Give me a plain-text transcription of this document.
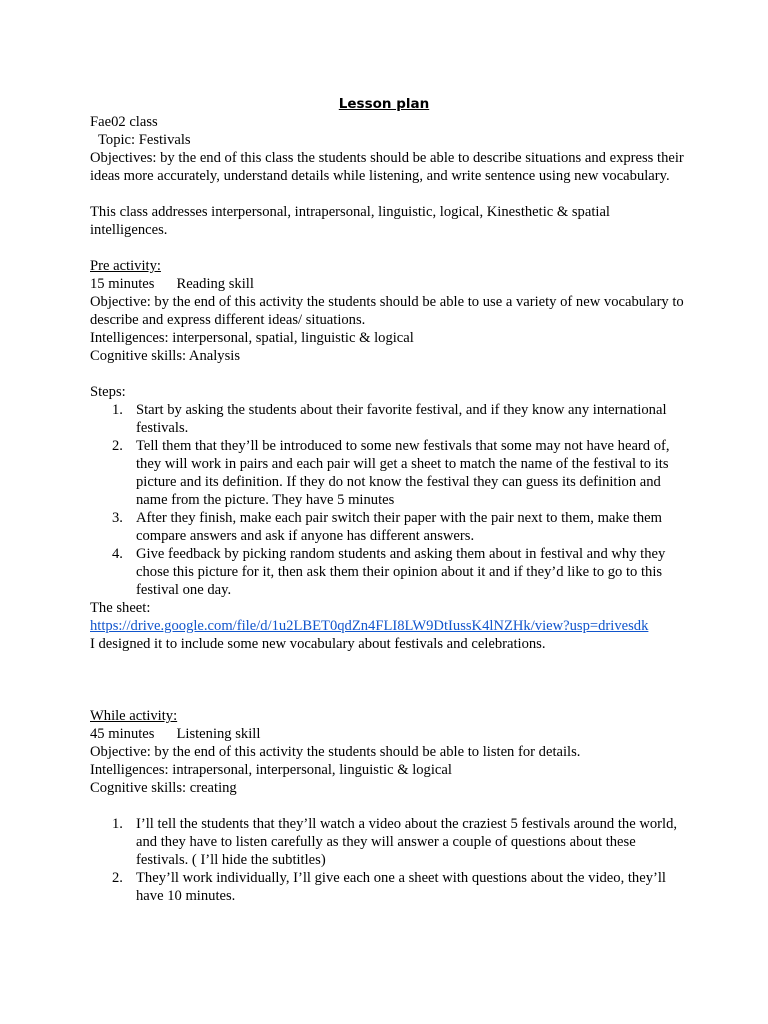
Lesson plan
Fae02 class
Topic: Festivals
Objectives: by the end of this class the students should be able to describe situations and express their ideas more accurately, understand details while listening, and write sentence using new vocabulary.
This class addresses interpersonal, intrapersonal, linguistic, logical, Kinesthetic & spatial intelligences.
Pre activity:
15 minutes Reading skill
Objective: by the end of this activity the students should be able to use a variety of new vocabulary to describe and express different ideas/ situations.
Intelligences: interpersonal, spatial, linguistic & logical
Cognitive skills: Analysis
Steps:
1. Start by asking the students about their favorite festival, and if they know any international festivals.
2. Tell them that they’ll be introduced to some new festivals that some may not have heard of, they will work in pairs and each pair will get a sheet to match the name of the festival to its picture and its definition. If they do not know the festival they can guess its definition and name from the picture. They have 5 minutes
3. After they finish, make each pair switch their paper with the pair next to them, make them compare answers and ask if anyone has different answers.
4. Give feedback by picking random students and asking them about in festival and why they chose this picture for it, then ask them their opinion about it and if they’d like to go to this festival one day.
The sheet:
https://drive.google.com/file/d/1u2LBET0qdZn4FLI8LW9DtIussK4lNZHk/view?usp=drivesdk
I designed it to include some new vocabulary about festivals and celebrations.
While activity:
45 minutes Listening skill
Objective: by the end of this activity the students should be able to listen for details.
Intelligences: intrapersonal, interpersonal, linguistic & logical
Cognitive skills: creating
1. I’ll tell the students that they’ll watch a video about the craziest 5 festivals around the world, and they have to listen carefully as they will answer a couple of questions about these festivals. ( I’ll hide the subtitles)
2. They’ll work individually, I’ll give each one a sheet with questions about the video, they’ll have 10 minutes.
